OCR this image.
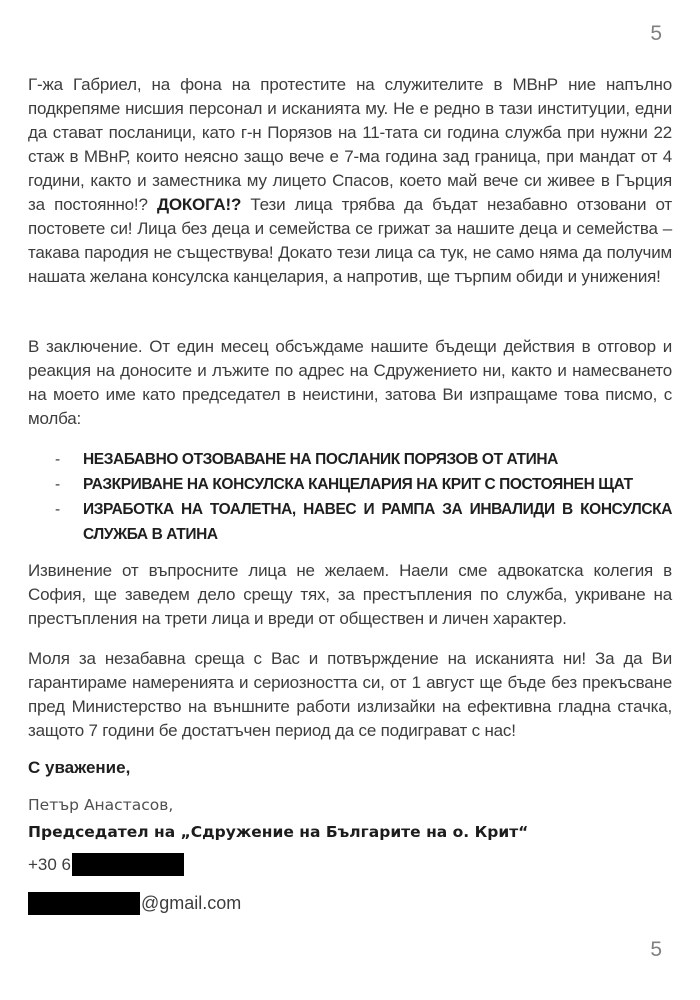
5

Г-жа Габриел, на фона на протестите на служителите в МВнР ние напълно подкрепяме нисшия персонал и исканията му. Не е редно в тази институции, едни да стават посланици, като г-н Порязов на 11-тата си година служба при нужни 22 стаж в МВнР, които неясно защо вече е 7-ма година зад граница, при мандат от 4 години, както и заместника му лицето Спасов, което май вече си живее в Гърция за постоянно!? ДОКОГА!? Тези лица трябва да бъдат незабавно отзовани от постовете си! Лица без деца и семейства се грижат за нашите деца и семейства – такава пародия не съществува! Докато тези лица са тук, не само няма да получим нашата желана консулска канцелария, а напротив, ще търпим обиди и унижения!

В заключение. От един месец обсъждаме нашите бъдещи действия в отговор и реакция на доносите и лъжите по адрес на Сдружението ни, както и намесването на моето име като председател в неистини, затова Ви изпращаме това писмо, с молба:

- НЕЗАБАВНО ОТЗОВАВАНЕ НА ПОСЛАНИК ПОРЯЗОВ ОТ АТИНА
- РАЗКРИВАНЕ НА КОНСУЛСКА КАНЦЕЛАРИЯ НА КРИТ С ПОСТОЯНЕН ЩАТ
- ИЗРАБОТКА НА ТОАЛЕТНА, НАВЕС И РАМПА ЗА ИНВАЛИДИ В КОНСУЛСКА СЛУЖБА В АТИНА

Извинение от въпросните лица не желаем. Наели сме адвокатска колегия в София, ще заведем дело срещу тях, за престъпления по служба, укриване на престъпления на трети лица и вреди от обществен и личен характер.

Моля за незабавна среща с Вас и потвърждение на исканията ни! За да Ви гарантираме намеренията и сериозността си, от 1 август ще бъде без прекъсване пред Министерство на външните работи излизайки на ефективна гладна стачка, защото 7 години бе достатъчен период да се подиграват с нас!

С уважение,

Петър Анастасов,
Председател на „Сдружение на Българите на о. Крит“
+30 6
@gmail.com
5
